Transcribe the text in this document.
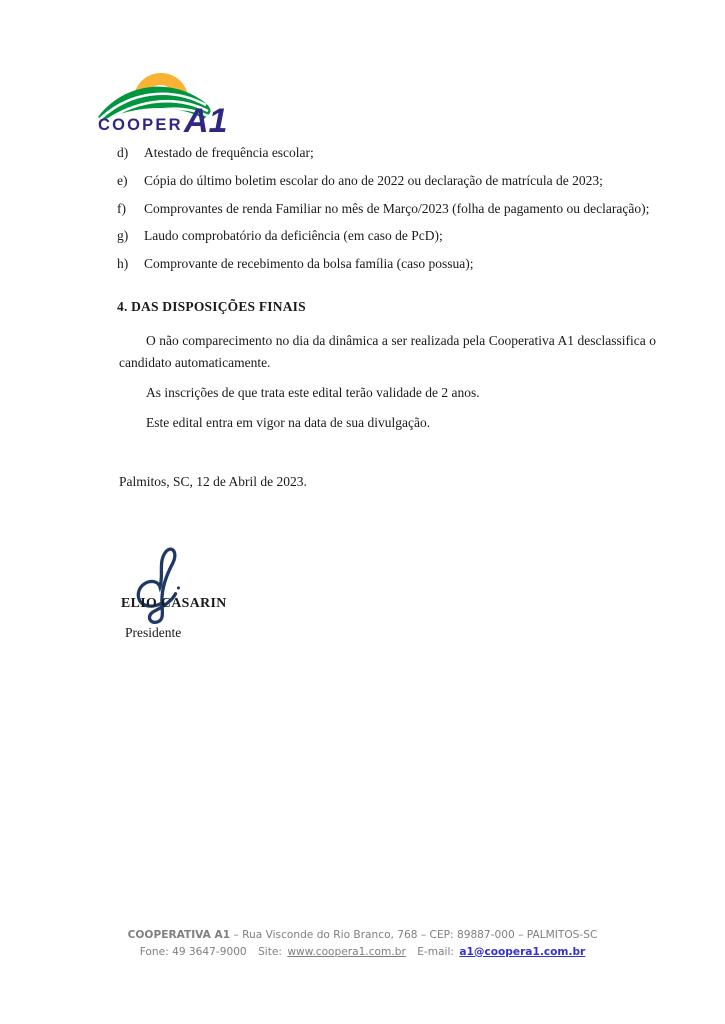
COOPER A1
d)	Atestado de frequência escolar;
e)	Cópia do último boletim escolar do ano de 2022 ou declaração de matrícula de 2023;
f)	Comprovantes de renda Familiar no mês de Março/2023 (folha de pagamento ou declaração);
g)	Laudo comprobatório da deficiência (em caso de PcD);
h)	Comprovante de recebimento da bolsa família (caso possua);
4. DAS DISPOSIÇÕES FINAIS

O não comparecimento no dia da dinâmica a ser realizada pela Cooperativa A1 desclassifica o candidato automaticamente.

As inscrições de que trata este edital terão validade de 2 anos.

Este edital entra em vigor na data de sua divulgação.

Palmitos, SC, 12 de Abril de 2023.
ELIO CASARIN
Presidente
COOPERATIVA A1 – Rua Visconde do Rio Branco, 768 – CEP: 89887-000 – PALMITOS-SC
Fone: 49 3647-9000 Site: www.coopera1.com.br E-mail: a1@coopera1.com.br
